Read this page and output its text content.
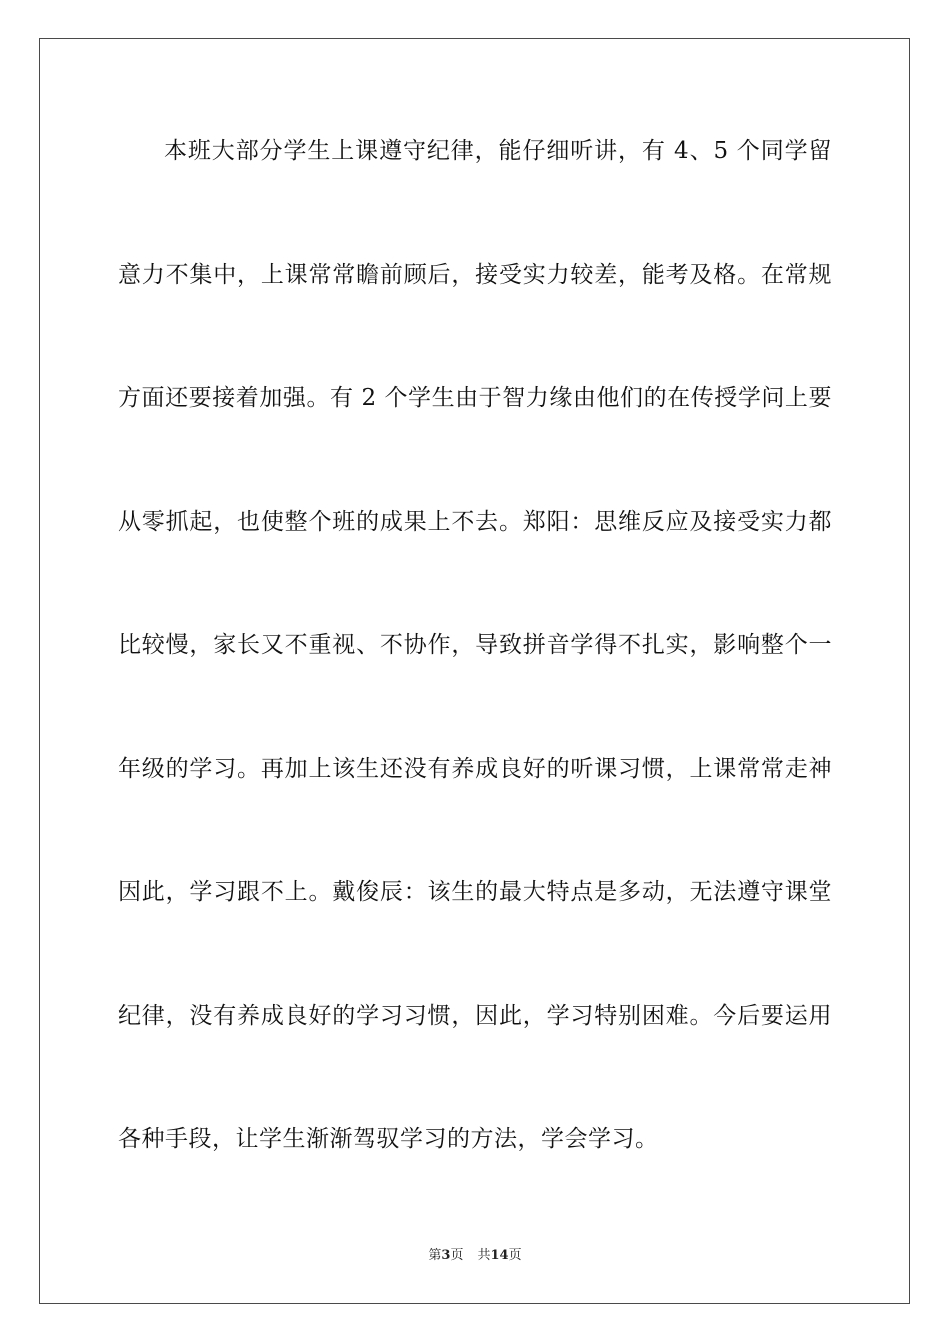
本班大部分学生上课遵守纪律，能仔细听讲，有 4、5 个同学留
意力不集中，上课常常瞻前顾后，接受实力较差，能考及格。在常规
方面还要接着加强。有 2 个学生由于智力缘由他们的在传授学问上要
从零抓起，也使整个班的成果上不去。郑阳：思维反应及接受实力都
比较慢，家长又不重视、不协作，导致拼音学得不扎实，影响整个一
年级的学习。再加上该生还没有养成良好的听课习惯，上课常常走神
因此，学习跟不上。戴俊辰：该生的最大特点是多动，无法遵守课堂
纪律，没有养成良好的学习习惯，因此，学习特别困难。今后要运用
各种手段，让学生渐渐驾驭学习的方法，学会学习。
第3页 共14页
